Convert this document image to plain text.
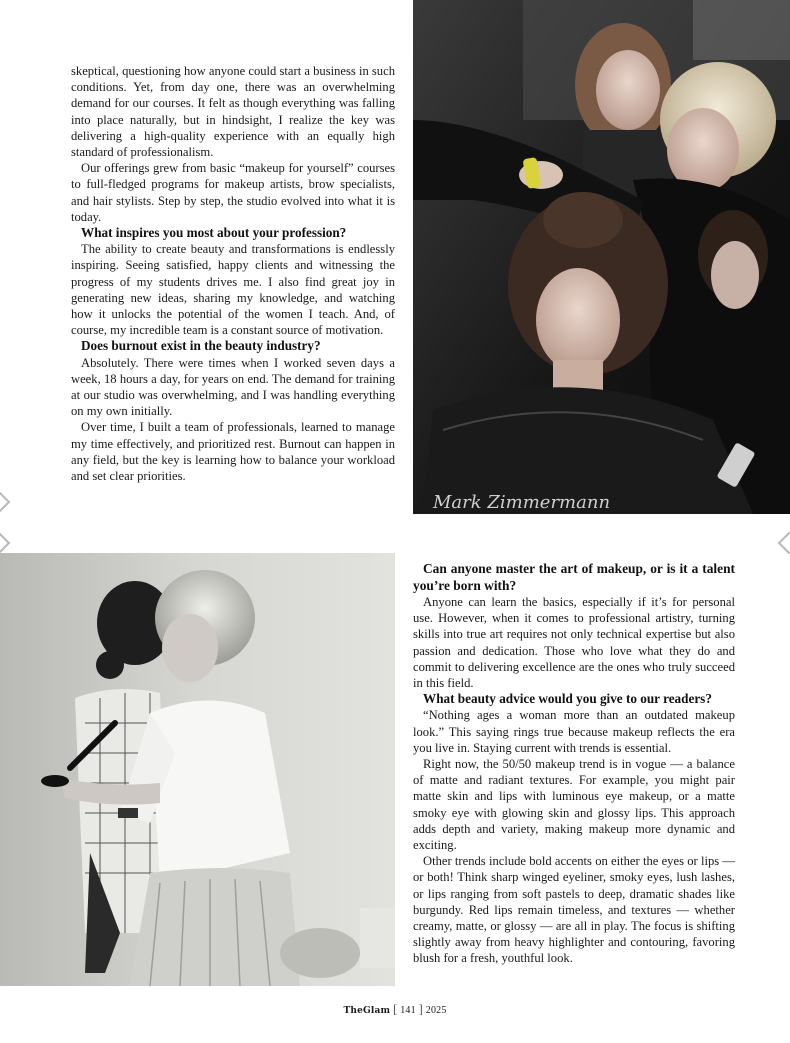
skeptical, questioning how anyone could start a business in such conditions. Yet, from day one, there was an overwhelming demand for our courses. It felt as though everything was falling into place naturally, but in hindsight, I realize the key was delivering a high-quality experience with an equally high standard of professionalism.

Our offerings grew from basic “makeup for yourself” courses to full-fledged programs for makeup artists, brow specialists, and hair stylists. Step by step, the studio evolved into what it is today.

What inspires you most about your profession?

The ability to create beauty and transformations is endlessly inspiring. Seeing satisfied, happy clients and witnessing the progress of my students drives me. I also find great joy in generating new ideas, sharing my knowledge, and watching how it unlocks the potential of the women I teach. And, of course, my incredible team is a constant source of motivation.

Does burnout exist in the beauty industry?

Absolutely. There were times when I worked seven days a week, 18 hours a day, for years on end. The demand for training at our studio was overwhelming, and I was handling everything on my own initially.

Over time, I built a team of professionals, learned to manage my time effectively, and prioritized rest. Burnout can happen in any field, but the key is learning how to balance your workload and set clear priorities.

Mark Zimmermann
Can anyone master the art of makeup, or is it a talent you’re born with?

Anyone can learn the basics, especially if it’s for personal use. However, when it comes to professional artistry, turning skills into true art requires not only technical expertise but also passion and dedication. Those who love what they do and commit to delivering excellence are the ones who truly succeed in this field.

What beauty advice would you give to our readers?

“Nothing ages a woman more than an outdated makeup look.” This saying rings true because makeup reflects the era you live in. Staying current with trends is essential.

Right now, the 50/50 makeup trend is in vogue — a balance of matte and radiant textures. For example, you might pair matte skin and lips with luminous eye makeup, or a matte smoky eye with glowing skin and glossy lips. This approach adds depth and variety, making makeup more dynamic and exciting.

Other trends include bold accents on either the eyes or lips — or both! Think sharp winged eyeliner, smoky eyes, lush lashes, or lips ranging from soft pastels to deep, dramatic shades like burgundy. Red lips remain timeless, and textures — whether creamy, matte, or glossy — are all in play. The focus is shifting slightly away from heavy highlighter and contouring, favoring blush for a fresh, youthful look.

TheGlam [ 141 ] 2025
